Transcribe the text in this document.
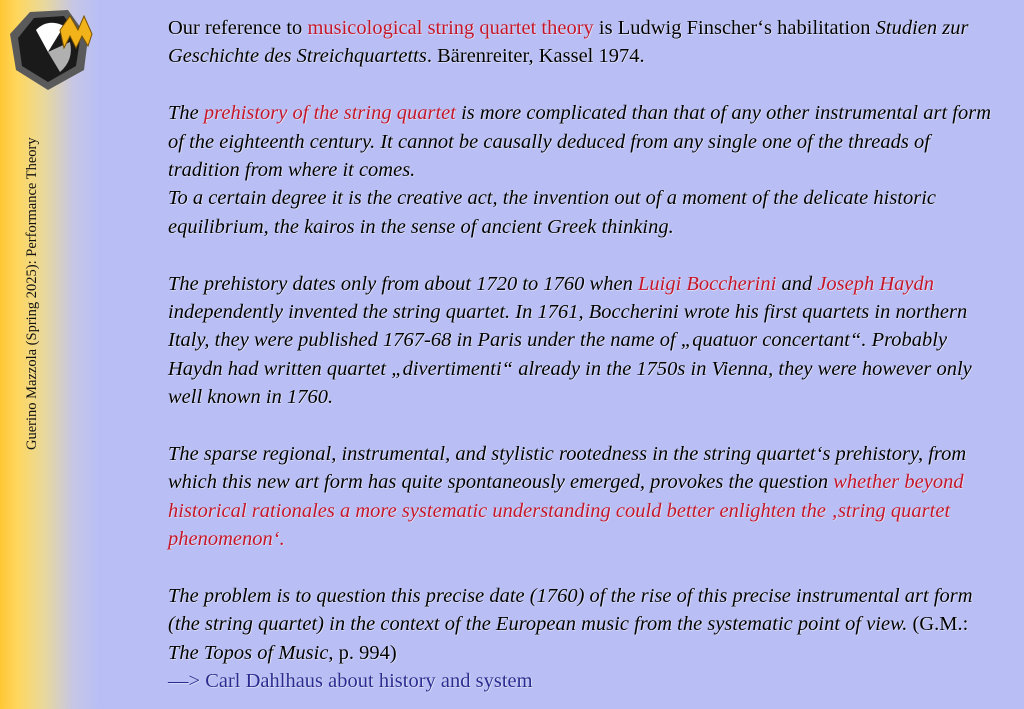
Guerino Mazzola (Spring 2025): Performance Theory

Our reference to musicological string quartet theory is Ludwig Finscher‘s habilitation Studien zur Geschichte des Streichquartetts. Bärenreiter, Kassel 1974.

The prehistory of the string quartet is more complicated than that of any other instrumental art form of the eighteenth century. It cannot be causally deduced from any single one of the threads of tradition from where it comes.
To a certain degree it is the creative act, the invention out of a moment of the delicate historic equilibrium, the kairos in the sense of ancient Greek thinking.

The prehistory dates only from about 1720 to 1760 when Luigi Boccherini and Joseph Haydn independently invented the string quartet. In 1761, Boccherini wrote his first quartets in northern Italy, they were published 1767-68 in Paris under the name of „quatuor concertant“. Probably Haydn had written quartet „divertimenti“ already in the 1750s in Vienna, they were however only well known in 1760.

The sparse regional, instrumental, and stylistic rootedness in the string quartet‘s prehistory, from which this new art form has quite spontaneously emerged, provokes the question whether beyond historical rationales a more systematic understanding could better enlighten the ‚string quartet phenomenon‘.

The problem is to question this precise date (1760) of the rise of this precise instrumental art form (the string quartet) in the context of the European music from the systematic point of view. (G.M.: The Topos of Music, p. 994)
—> Carl Dahlhaus about history and system
